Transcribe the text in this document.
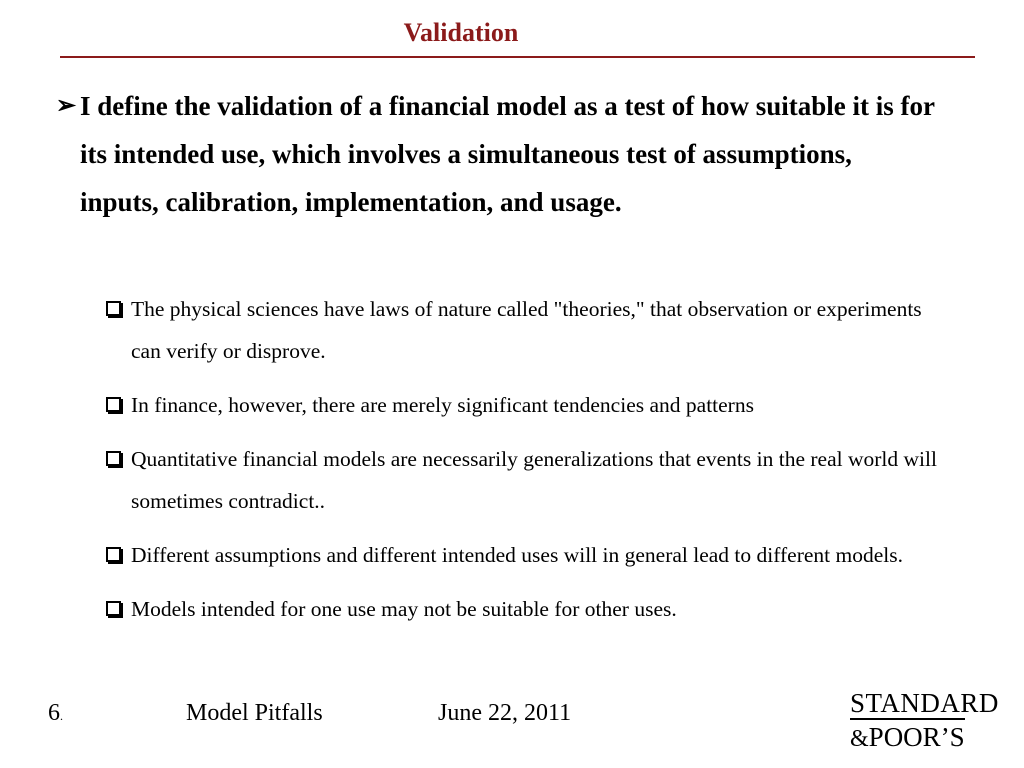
Validation
➢ I define the validation of a financial model as a test of how suitable it is for its intended use, which involves a simultaneous test of assumptions, inputs, calibration, implementation, and usage.
The physical sciences have laws of nature called "theories," that observation or experiments can verify or disprove.
In finance, however, there are merely significant tendencies and patterns
Quantitative financial models are necessarily generalizations that events in the real world will sometimes contradict..
Different assumptions and different intended uses will in general lead to different models.
Models intended for one use may not be suitable for other uses.
6.	Model Pitfalls	June 22, 2011	STANDARD
&POOR’S
